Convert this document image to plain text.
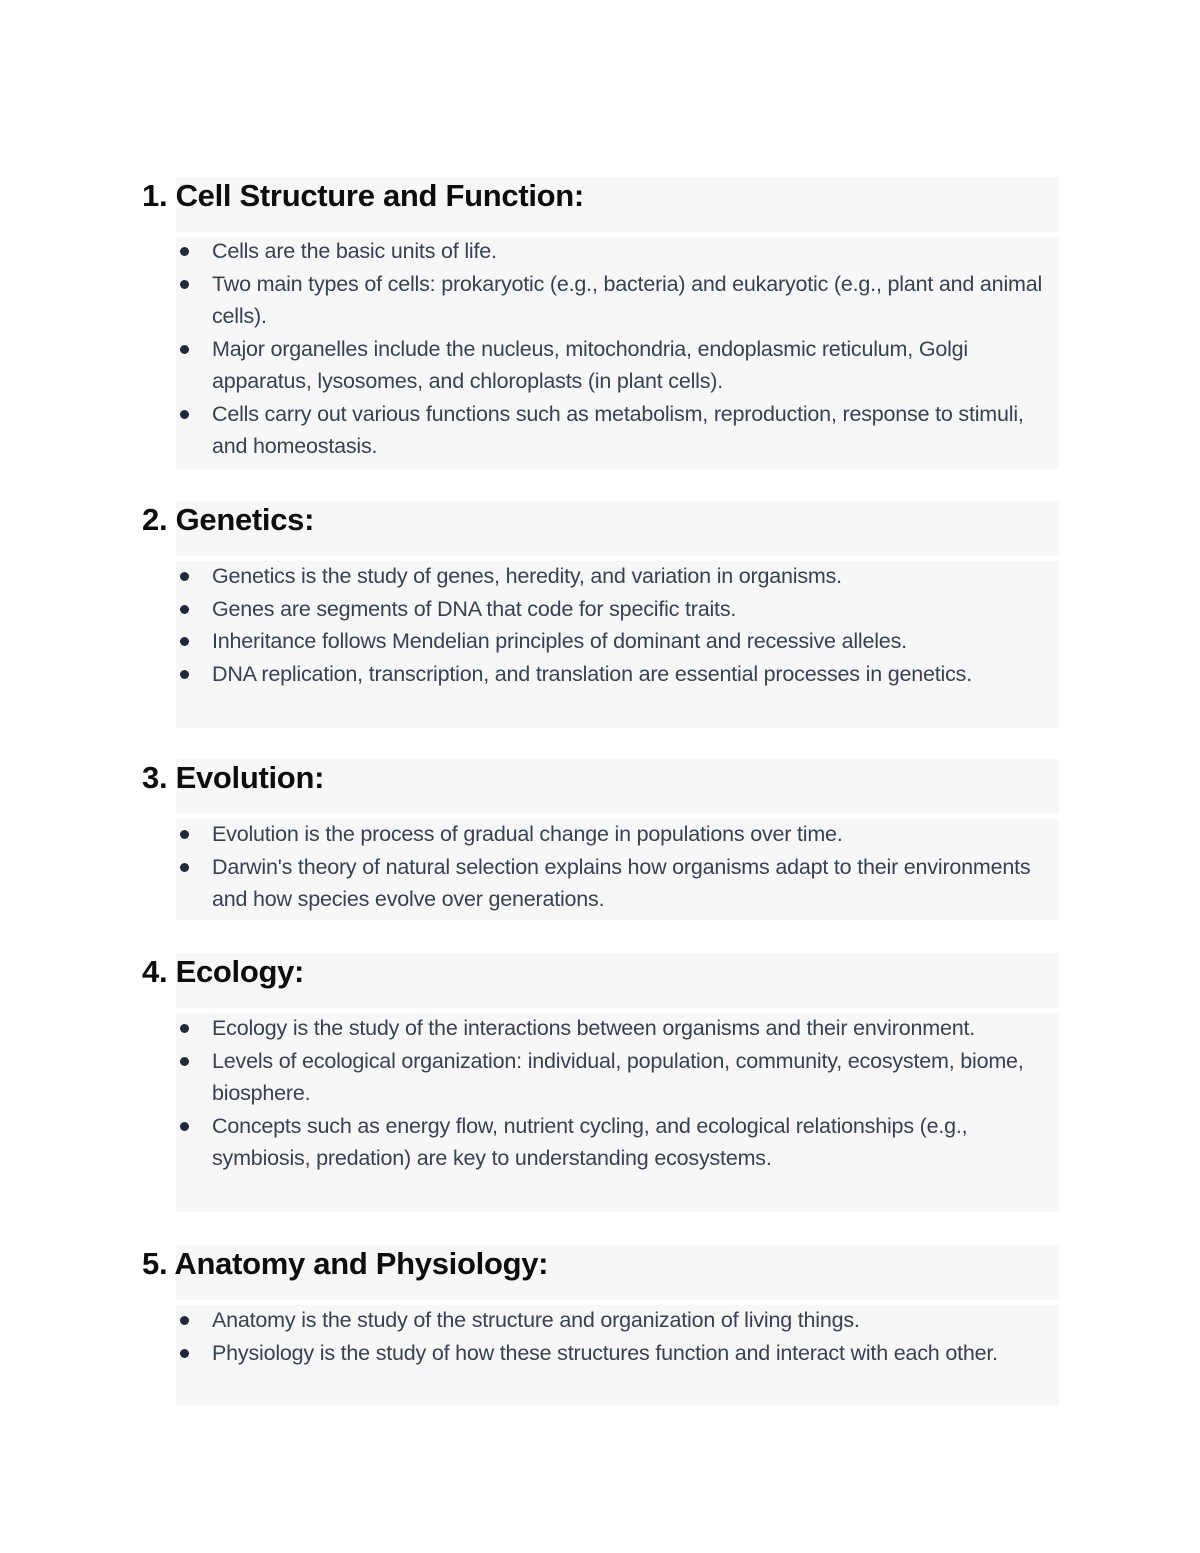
1. Cell Structure and Function:
Cells are the basic units of life.
Two main types of cells: prokaryotic (e.g., bacteria) and eukaryotic (e.g., plant and animal cells).
Major organelles include the nucleus, mitochondria, endoplasmic reticulum, Golgi apparatus, lysosomes, and chloroplasts (in plant cells).
Cells carry out various functions such as metabolism, reproduction, response to stimuli, and homeostasis.
2. Genetics:
Genetics is the study of genes, heredity, and variation in organisms.
Genes are segments of DNA that code for specific traits.
Inheritance follows Mendelian principles of dominant and recessive alleles.
DNA replication, transcription, and translation are essential processes in genetics.
3. Evolution:
Evolution is the process of gradual change in populations over time.
Darwin's theory of natural selection explains how organisms adapt to their environments and how species evolve over generations.
4. Ecology:
Ecology is the study of the interactions between organisms and their environment.
Levels of ecological organization: individual, population, community, ecosystem, biome, biosphere.
Concepts such as energy flow, nutrient cycling, and ecological relationships (e.g., symbiosis, predation) are key to understanding ecosystems.
5. Anatomy and Physiology:
Anatomy is the study of the structure and organization of living things.
Physiology is the study of how these structures function and interact with each other.
